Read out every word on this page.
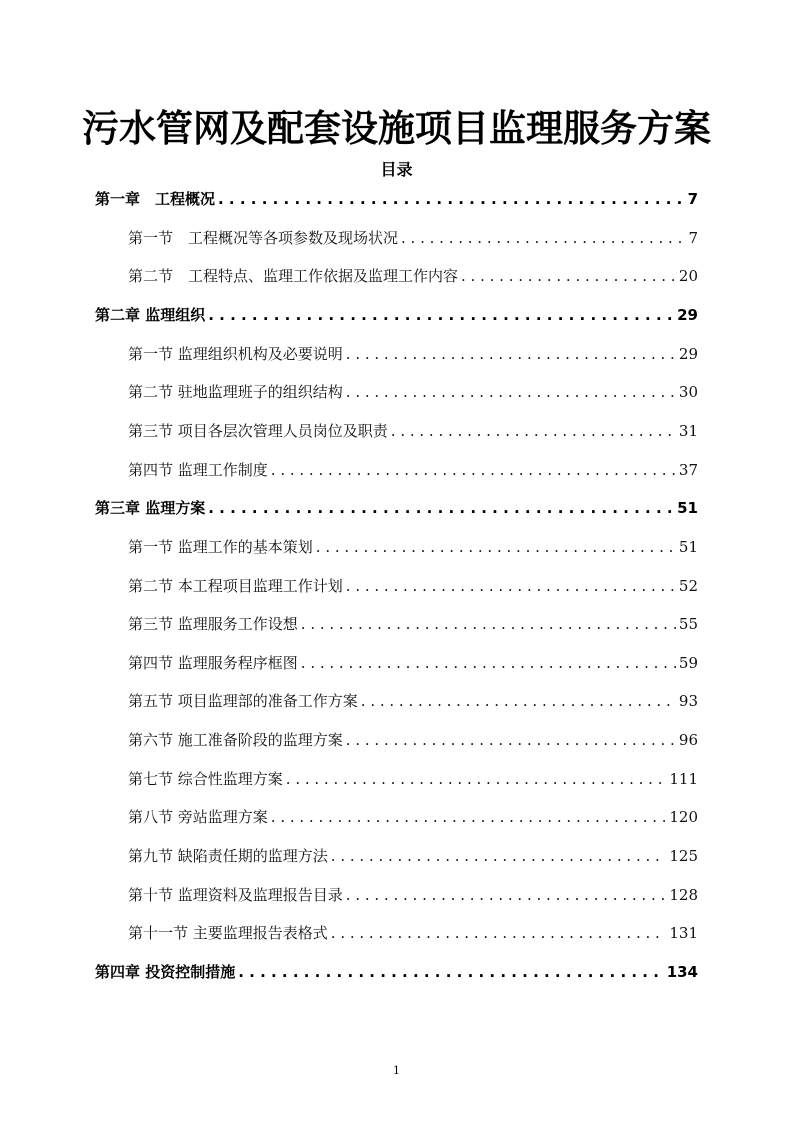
污水管网及配套设施项目监理服务方案
目录
第一章　工程概况 . . .	7
第一节　工程概况等各项参数及现场状况 . . .	7
第二节　工程特点、监理工作依据及监理工作内容 . . .	20
第二章 监理组织 . . .	29
第一节 监理组织机构及必要说明 . . .	29
第二节 驻地监理班子的组织结构 . . .	30
第三节 项目各层次管理人员岗位及职责 . . .	31
第四节 监理工作制度 . . .	37
第三章 监理方案 . . .	51
第一节 监理工作的基本策划 . . .	51
第二节 本工程项目监理工作计划 . . .	52
第三节 监理服务工作设想 . . .	55
第四节 监理服务程序框图 . . .	59
第五节 项目监理部的准备工作方案 . . .	93
第六节 施工准备阶段的监理方案 . . .	96
第七节 综合性监理方案 . . .	111
第八节 旁站监理方案 . . .	120
第九节 缺陷责任期的监理方法 . . .	125
第十节 监理资料及监理报告目录 . . .	128
第十一节 主要监理报告表格式 . . .	131
第四章 投资控制措施 . . .	134
1
